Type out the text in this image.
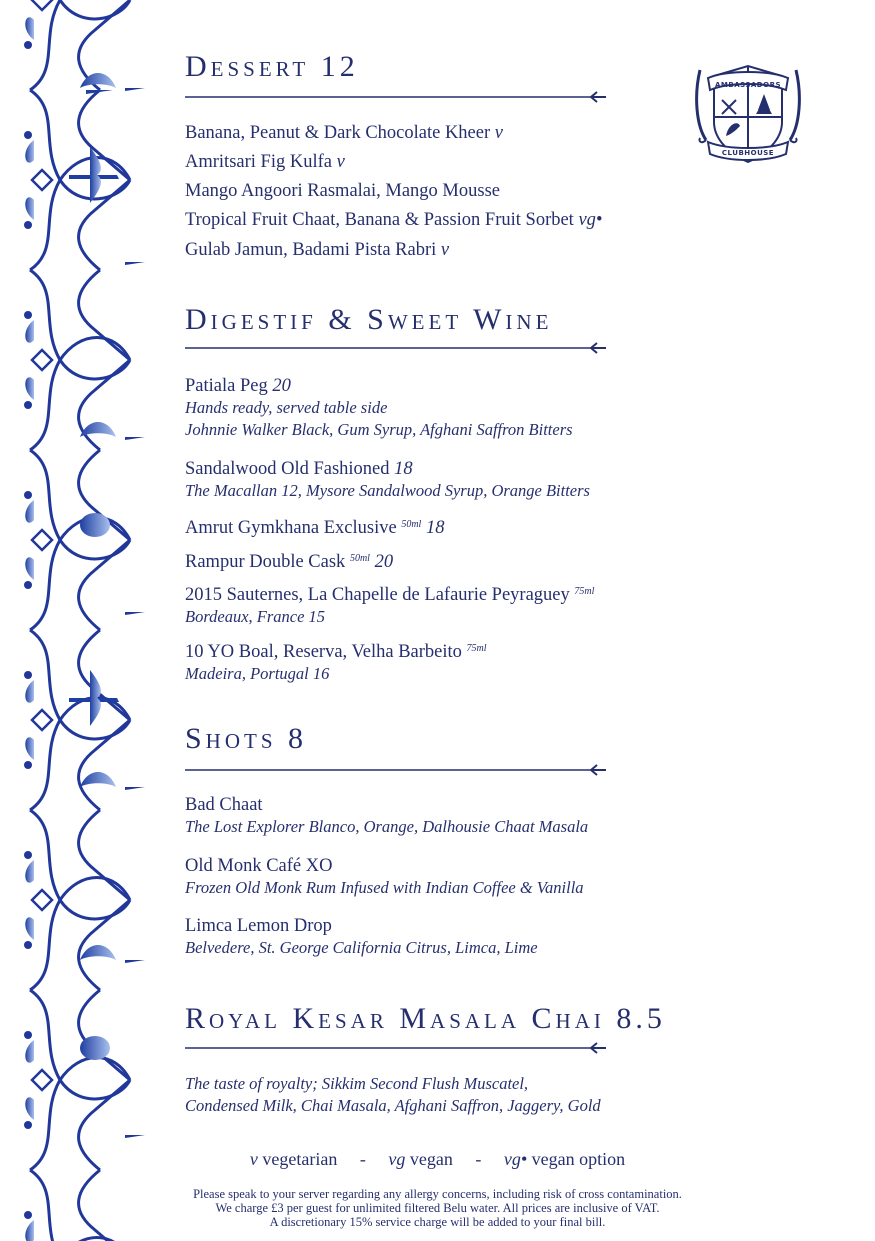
AMBASSADORS
CLUBHOUSE
Dessert 12
Banana, Peanut & Dark Chocolate Kheer v
Amritsari Fig Kulfa v
Mango Angoori Rasmalai, Mango Mousse
Tropical Fruit Chaat, Banana & Passion Fruit Sorbet vg•
Gulab Jamun, Badami Pista Rabri v
Digestif & Sweet Wine
Patiala Peg 20
Hands ready, served table side
Johnnie Walker Black, Gum Syrup, Afghani Saffron Bitters
Sandalwood Old Fashioned 18
The Macallan 12, Mysore Sandalwood Syrup, Orange Bitters
Amrut Gymkhana Exclusive $^{50ml}$ 18
Rampur Double Cask $^{50ml}$ 20
2015 Sauternes, La Chapelle de Lafaurie Peyraguey $^{75ml}$
Bordeaux, France 15
10 YO Boal, Reserva, Velha Barbeito $^{75ml}$
Madeira, Portugal 16
Shots 8
Bad Chaat
The Lost Explorer Blanco, Orange, Dalhousie Chaat Masala
Old Monk Café XO
Frozen Old Monk Rum Infused with Indian Coffee & Vanilla
Limca Lemon Drop
Belvedere, St. George California Citrus, Limca, Lime
Royal Kesar Masala Chai 8.5
The taste of royalty; Sikkim Second Flush Muscatel,
Condensed Milk, Chai Masala, Afghani Saffron, Jaggery, Gold
v vegetarian - vg vegan - vg• vegan option
Please speak to your server regarding any allergy concerns, including risk of cross contamination.
We charge £3 per guest for unlimited filtered Belu water. All prices are inclusive of VAT.
A discretionary 15% service charge will be added to your final bill.
